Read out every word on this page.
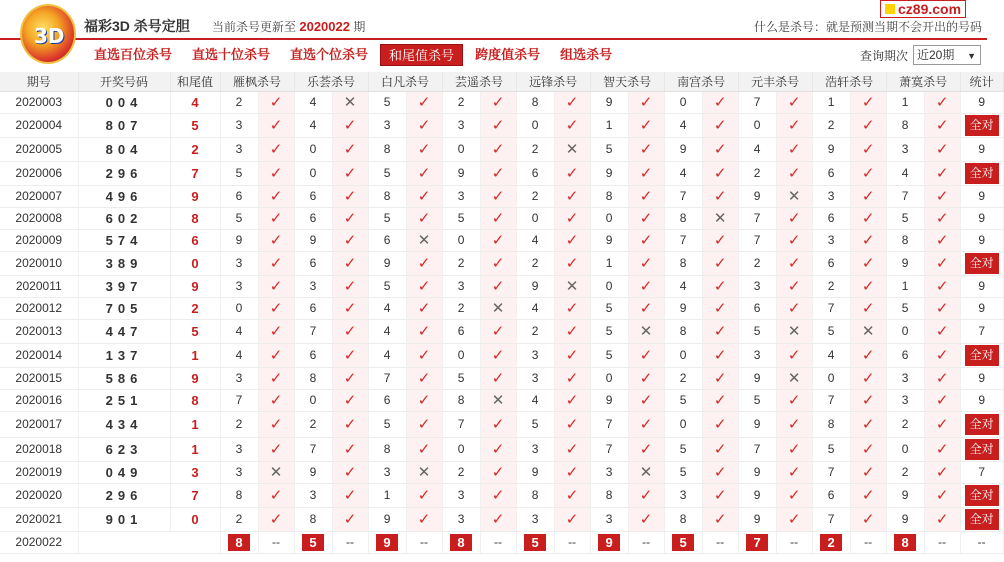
3D 福彩3D 杀号定胆 当前杀号更新至 2020022 期	什么是杀号：就是预测当期不会开出的号码
cz89.com
直选百位杀号	直选十位杀号	直选个位杀号	和尾值杀号	跨度值杀号	组选杀号	查询期次 近20期 ▼
期号	开奖号码	和尾值	雁枫杀号		乐荟杀号		白凡杀号		芸遥杀号		远锋杀号		智天杀号		南宫杀号		元丰杀号		浩轩杀号		萧寞杀号		统计
2020003	004	4	2	✓	4	✕	5	✓	2	✓	8	✓	9	✓	0	✓	7	✓	1	✓	1	✓	9
2020004	807	5	3	✓	4	✓	3	✓	3	✓	0	✓	1	✓	4	✓	0	✓	2	✓	8	✓	全对
2020005	804	2	3	✓	0	✓	8	✓	0	✓	2	✕	5	✓	9	✓	4	✓	9	✓	3	✓	9
2020006	296	7	5	✓	0	✓	5	✓	9	✓	6	✓	9	✓	4	✓	2	✓	6	✓	4	✓	全对
2020007	496	9	6	✓	6	✓	8	✓	3	✓	2	✓	8	✓	7	✓	9	✕	3	✓	7	✓	9
2020008	602	8	5	✓	6	✓	5	✓	5	✓	0	✓	0	✓	8	✕	7	✓	6	✓	5	✓	9
2020009	574	6	9	✓	9	✓	6	✕	0	✓	4	✓	9	✓	7	✓	7	✓	3	✓	8	✓	9
2020010	389	0	3	✓	6	✓	9	✓	2	✓	2	✓	1	✓	8	✓	2	✓	6	✓	9	✓	全对
2020011	397	9	3	✓	3	✓	5	✓	3	✓	9	✕	0	✓	4	✓	3	✓	2	✓	1	✓	9
2020012	705	2	0	✓	6	✓	4	✓	2	✕	4	✓	5	✓	9	✓	6	✓	7	✓	5	✓	9
2020013	447	5	4	✓	7	✓	4	✓	6	✓	2	✓	5	✕	8	✓	5	✕	5	✕	0	✓	7
2020014	137	1	4	✓	6	✓	4	✓	0	✓	3	✓	5	✓	0	✓	3	✓	4	✓	6	✓	全对
2020015	586	9	3	✓	8	✓	7	✓	5	✓	3	✓	0	✓	2	✓	9	✕	0	✓	3	✓	9
2020016	251	8	7	✓	0	✓	6	✓	8	✕	4	✓	9	✓	5	✓	5	✓	7	✓	3	✓	9
2020017	434	1	2	✓	2	✓	5	✓	7	✓	5	✓	7	✓	0	✓	9	✓	8	✓	2	✓	全对
2020018	623	1	3	✓	7	✓	8	✓	0	✓	3	✓	7	✓	5	✓	7	✓	5	✓	0	✓	全对
2020019	049	3	3	✕	9	✓	3	✕	2	✓	9	✓	3	✕	5	✓	9	✓	7	✓	2	✓	7
2020020	296	7	8	✓	3	✓	1	✓	3	✓	8	✓	8	✓	3	✓	9	✓	6	✓	9	✓	全对
2020021	901	0	2	✓	8	✓	9	✓	3	✓	3	✓	3	✓	8	✓	9	✓	7	✓	9	✓	全对
2020022	当前期杀号		8	--	5	--	9	--	8	--	5	--	9	--	5	--	7	--	2	--	8	--	--
